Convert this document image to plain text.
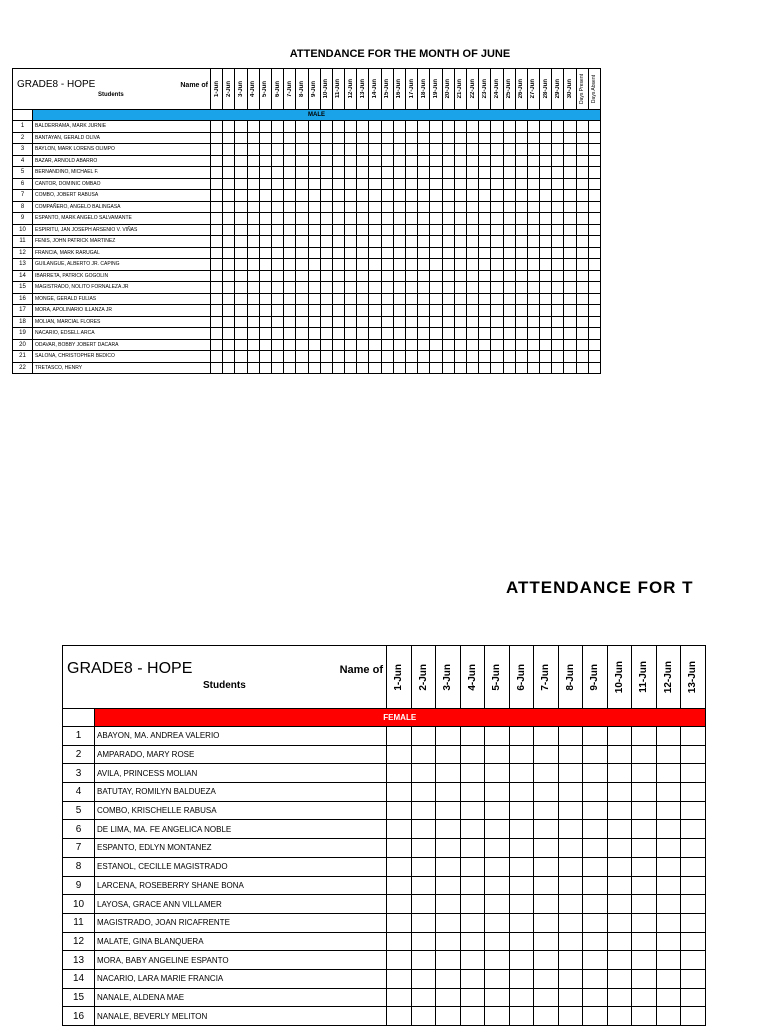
ATTENDANCE FOR THE MONTH OF JUNE
GRADE8 - HOPE Name of
Students		1-Jun	2-Jun	3-Jun	4-Jun	5-Jun	6-Jun	7-Jun	8-Jun	9-Jun	10-Jun	11-Jun	12-Jun	13-Jun	14-Jun	15-Jun	16-Jun	17-Jun	18-Jun	19-Jun	20-Jun	21-Jun	22-Jun	23-Jun	24-Jun	25-Jun	26-Jun	27-Jun	28-Jun	29-Jun	30-Jun	Days Present	Days Absent

	MALE																																
1	BALDERRAMA, MARK JURNIE																																
2	BANTAYAN, GERALD OLIVA																																
3	BAYLON, MARK LORENS OLIMPO																																
4	BAZAR, ARNOLD ABARRO																																
5	BERNANDINO, MICHAEL F.																																
6	CANTOR, DOMINIC OMBAO																																
7	COMBO, JOBERT RABUSA																																
8	COMPAÑERO, ANGELO BALINGASA																																
9	ESPANTO, MARK ANGELO SALVAMANTE																																
10	ESPIRITU, JAN JOSEPH ARSENIO V. VIÑAS																																
11	FENIS, JOHN PATRICK MARTINEZ																																
12	FRANCIA, MARK RARUGAL																																
13	GUILANGUE, ALBERTO JR. CAPING																																
14	IBARRETA, PATRICK GOGOLIN																																
15	MAGISTRADO, NOLITO FORNALEZA JR																																
16	MONGE, GERALD FULIAS																																
17	MORA, APOLINARIO ILLANZA JR																																
18	MOLIAN, MARCIAL FLORES																																
19	NACARIO, EDSELL ARCA																																
20	ODAVAR, BOBBY JOBERT DACARA																																
21	SALONA, CHRISTOPHER BEDICO																																
22	TRETASCO, HENRY																																
ATTENDANCE FOR T
GRADE8 - HOPE Name of
Students		1-Jun	2-Jun	3-Jun	4-Jun	5-Jun	6-Jun	7-Jun	8-Jun	9-Jun	10-Jun	11-Jun	12-Jun	13-Jun

	FEMALE													
1	ABAYON, MA. ANDREA VALERIO													
2	AMPARADO, MARY ROSE													
3	AVILA, PRINCESS MOLIAN													
4	BATUTAY, ROMILYN BALDUEZA													
5	COMBO, KRISCHELLE RABUSA													
6	DE LIMA, MA. FE ANGELICA NOBLE													
7	ESPANTO, EDLYN MONTANEZ													
8	ESTANOL, CECILLE MAGISTRADO													
9	LARCENA, ROSEBERRY SHANE BONA													
10	LAYOSA, GRACE ANN VILLAMER													
11	MAGISTRADO, JOAN RICAFRENTE													
12	MALATE, GINA BLANQUERA													
13	MORA, BABY ANGELINE ESPANTO													
14	NACARIO, LARA MARIE FRANCIA													
15	NANALE, ALDENA MAE													
16	NANALE, BEVERLY MELITON													
